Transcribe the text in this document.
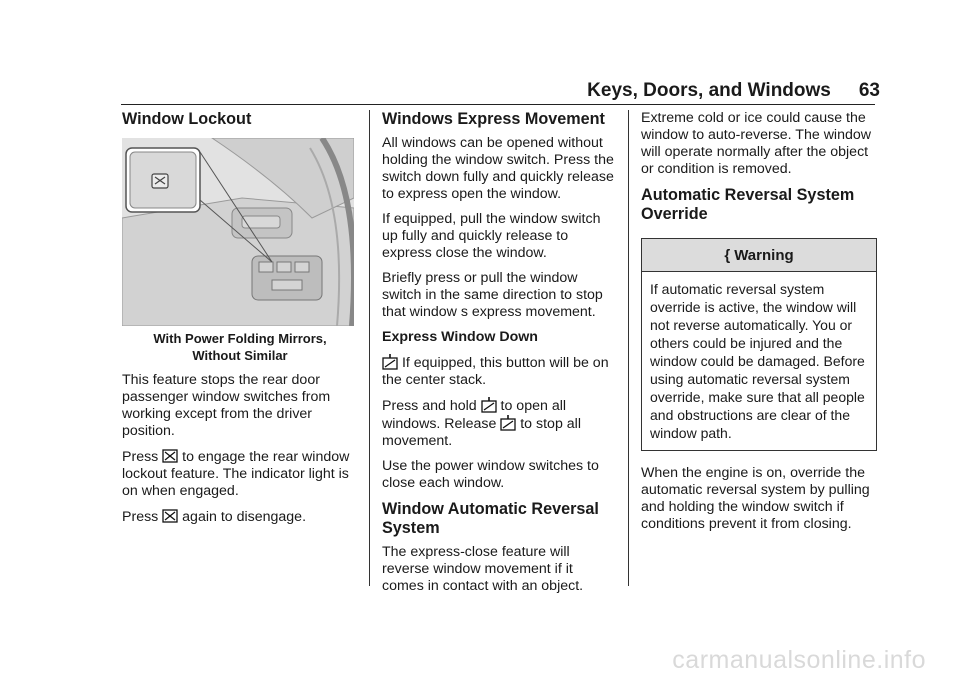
Keys, Doors, and Windows 63
Window Lockout
With Power Folding Mirrors,
Without Similar

This feature stops the rear door passenger window switches from working except from the driver position.

Press  to engage the rear window lockout feature. The indicator light is on when engaged.

Press  again to disengage.

Windows Express Movement

All windows can be opened without holding the window switch. Press the switch down fully and quickly release to express open the window.

If equipped, pull the window switch up fully and quickly release to express close the window.

Briefly press or pull the window switch in the same direction to stop that window s express movement.

Express Window Down

If equipped, this button will be on the center stack.

Press and hold  to open all windows. Release  to stop all movement.

Use the power window switches to close each window.

Window Automatic Reversal System

The express-close feature will reverse window movement if it comes in contact with an object.

Extreme cold or ice could cause the window to auto-reverse. The window will operate normally after the object or condition is removed.

Automatic Reversal System Override
{ Warning
If automatic reversal system override is active, the window will not reverse automatically. You or others could be injured and the window could be damaged. Before using automatic reversal system override, make sure that all people and obstructions are clear of the window path.

When the engine is on, override the automatic reversal system by pulling and holding the window switch if conditions prevent it from closing.

carmanualsonline.info
